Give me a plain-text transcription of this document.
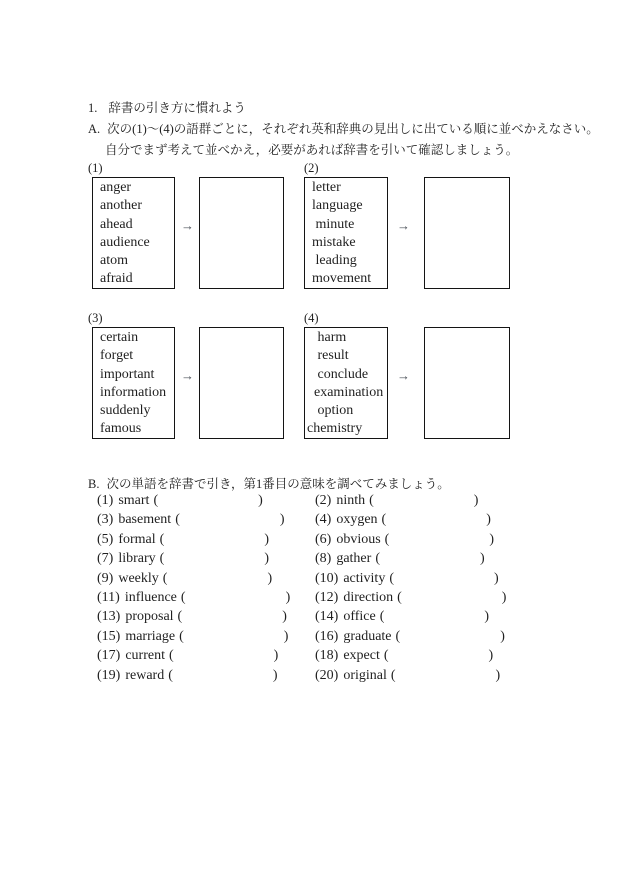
1. 辞書の引き方に慣れよう
A. 次の(1)～(4)の語群ごとに，それぞれ英和辞典の見出しに出ている順に並べかえなさい。
自分でまず考えて並べかえ，必要があれば辞書を引いて確認しましょう。
(1)
anger
another
ahead
audience
atom
afraid
→
(2)
letter
language
minute
mistake
leading
movement
→
(3)
certain
forget
important
information
suddenly
famous
→
(4)
harm
result
conclude
examination
option
chemistry
→
B. 次の単語を辞書で引き，第1番目の意味を調べてみましょう。
(1) smart (	)	(2) ninth (	)
(3) basement (	)	(4) oxygen (	)
(5) formal (	)	(6) obvious (	)
(7) library (	)	(8) gather (	)
(9) weekly (	)	(10) activity (	)
(11) influence (	)	(12) direction (	)
(13) proposal (	)	(14) office (	)
(15) marriage (	)	(16) graduate (	)
(17) current (	)	(18) expect (	)
(19) reward (	)	(20) original (	)
